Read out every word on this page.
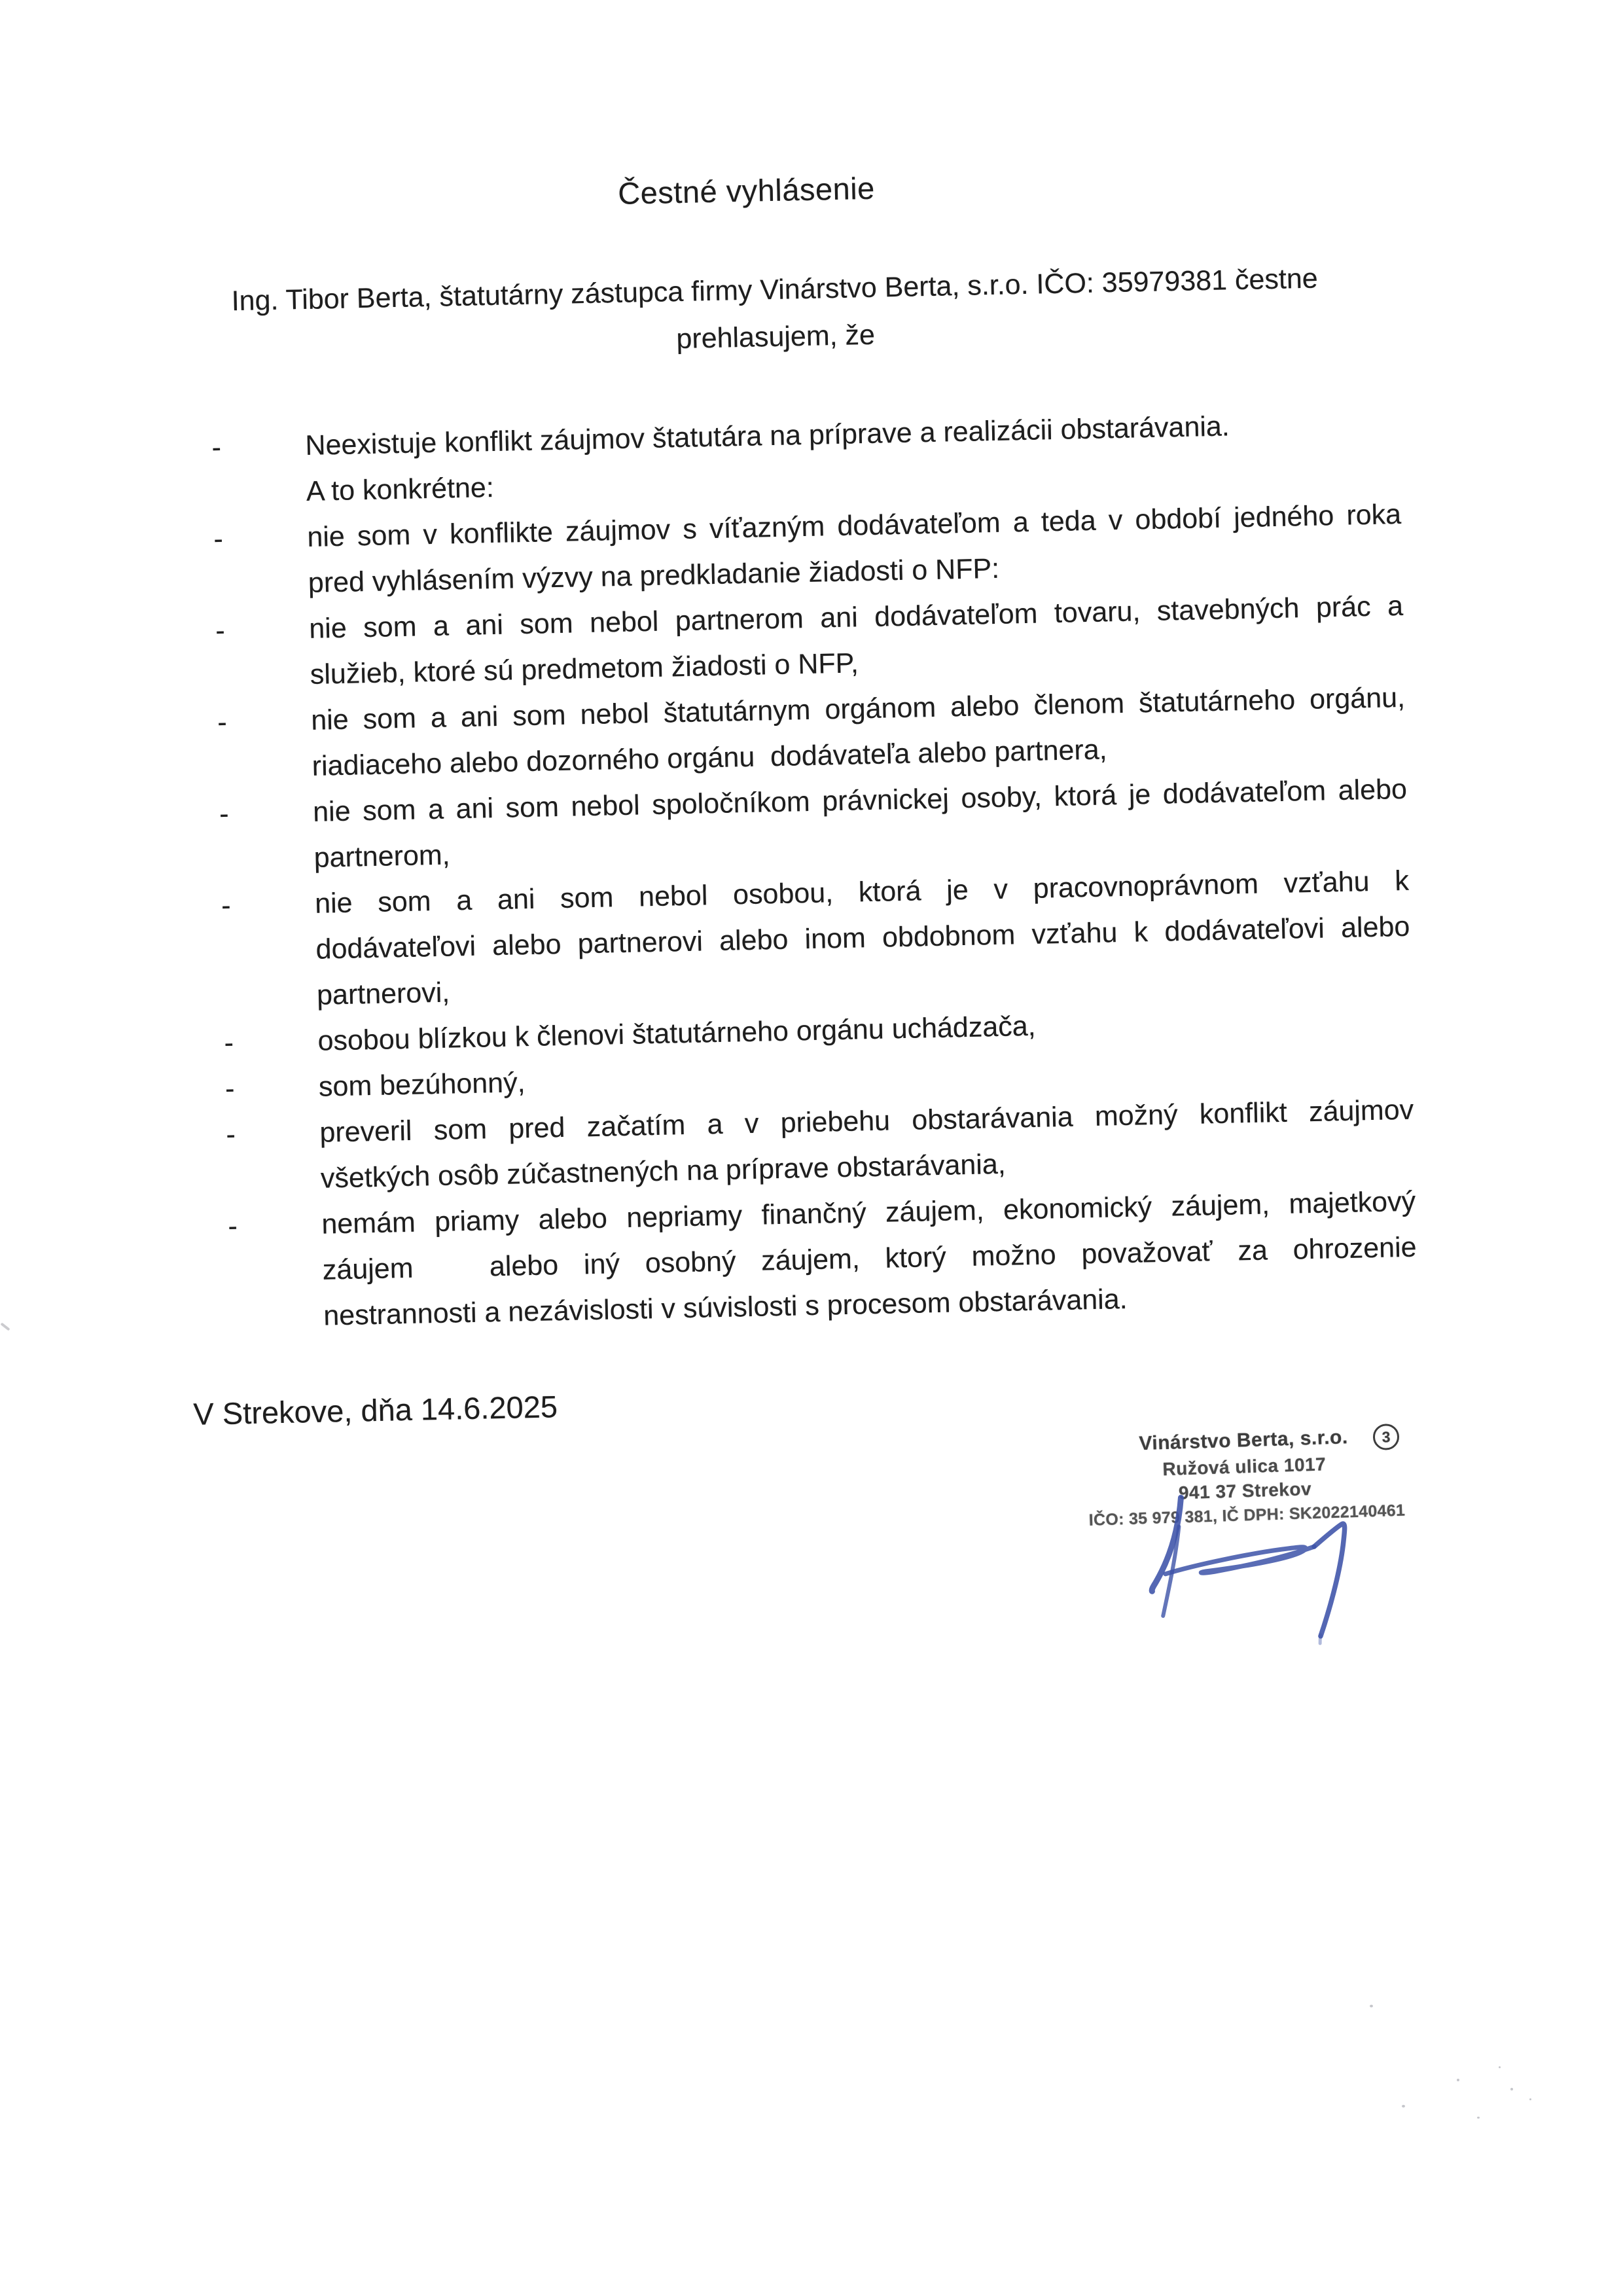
Čestné vyhlásenie
Ing. Tibor Berta, štatutárny zástupca firmy Vinárstvo Berta, s.r.o. IČO: 35979381 čestne
prehlasujem, že
-	Neexistuje konflikt záujmov štatutára na príprave a realizácii obstarávania.
A to konkrétne:
-	nie som v konflikte záujmov s víťazným dodávateľom a teda v období jedného roka
pred vyhlásením výzvy na predkladanie žiadosti o NFP:
-	nie som a ani som nebol partnerom ani dodávateľom tovaru, stavebných prác a
služieb, ktoré sú predmetom žiadosti o NFP,
-	nie som a ani som nebol štatutárnym orgánom alebo členom štatutárneho orgánu,
riadiaceho alebo dozorného orgánu  dodávateľa alebo partnera,
-	nie som a ani som nebol spoločníkom právnickej osoby, ktorá je dodávateľom alebo
partnerom,
-	nie som a ani som nebol osobou, ktorá je v pracovnoprávnom vzťahu k
dodávateľovi alebo partnerovi alebo inom obdobnom vzťahu k dodávateľovi alebo
partnerovi,
-	osobou blízkou k členovi štatutárneho orgánu uchádzača,
-	som bezúhonný,
-	preveril som pred začatím a v priebehu obstarávania možný konflikt záujmov
všetkých osôb zúčastnených na príprave obstarávania,
-	nemám priamy alebo nepriamy finančný záujem, ekonomický záujem, majetkový
záujem   alebo iný osobný záujem, ktorý možno považovať za ohrozenie
nestrannosti a nezávislosti v súvislosti s procesom obstarávania.
V Strekove, dňa 14.6.2025
Vinárstvo Berta, s.r.o.	3
Ružová ulica 1017
941 37 Strekov
IČO: 35 979 381, IČ DPH: SK2022140461
